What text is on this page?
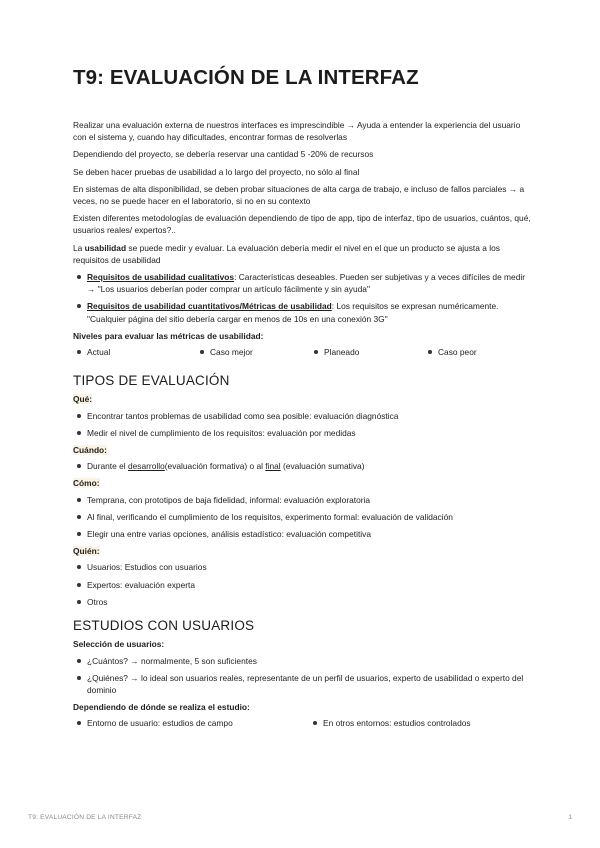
T9: EVALUACIÓN DE LA INTERFAZ

Realizar una evaluación externa de nuestros interfaces es imprescindible → Ayuda a entender la experiencia del usuario con el sistema y, cuando hay dificultades, encontrar formas de resolverlas

Dependiendo del proyecto, se debería reservar una cantidad 5 -20% de recursos

Se deben hacer pruebas de usabilidad a lo largo del proyecto, no sólo al final

En sistemas de alta disponibilidad, se deben probar situaciones de alta carga de trabajo, e incluso de fallos parciales → a veces, no se puede hacer en el laboratorio, si no en su contexto

Existen diferentes metodologías de evaluación dependiendo de tipo de app, tipo de interfaz, tipo de usuarios, cuántos, qué, usuarios reales/ expertos?..

La usabilidad se puede medir y evaluar. La evaluación debería medir el nivel en el que un producto se ajusta a los requisitos de usabilidad

Requisitos de usabilidad cualitativos: Características deseables. Pueden ser subjetivas y a veces difíciles de medir → "Los usuarios deberían poder comprar un artículo fácilmente y sin ayuda"
Requisitos de usabilidad cuantitativos/Métricas de usabilidad: Los requisitos se expresan numéricamente. "Cualquier página del sitio debería cargar en menos de 10s en una conexión 3G"

Niveles para evaluar las métricas de usabilidad:

Actual	Caso mejor	Planeado	Caso peor
TIPOS DE EVALUACIÓN

Qué:

Encontrar tantos problemas de usabilidad como sea posible: evaluación diagnóstica
Medir el nivel de cumplimiento de los requisitos: evaluación por medidas

Cuándo:

Durante el desarrollo(evaluación formativa) o al final (evaluación sumativa)

Cómo:

Temprana, con prototipos de baja fidelidad, informal: evaluación exploratoria
Al final, verificando el cumplimiento de los requisitos, experimento formal: evaluación de validación
Elegir una entre varias opciones, análisis estadístico: evaluación competitiva

Quién:

Usuarios: Estudios con usuarios
Expertos: evaluación experta
Otros
ESTUDIOS CON USUARIOS

Selección de usuarios:

¿Cuántos? → normalmente, 5 son suficientes
¿Quiénes? → lo ideal son usuarios reales, representante de un perfil de usuarios, experto de usabilidad o experto del dominio

Dependiendo de dónde se realiza el estudio:

Entorno de usuario: estudios de campo	En otros entornos: estudios controlados
T9: EVALUACIÓN DE LA INTERFAZ	1
